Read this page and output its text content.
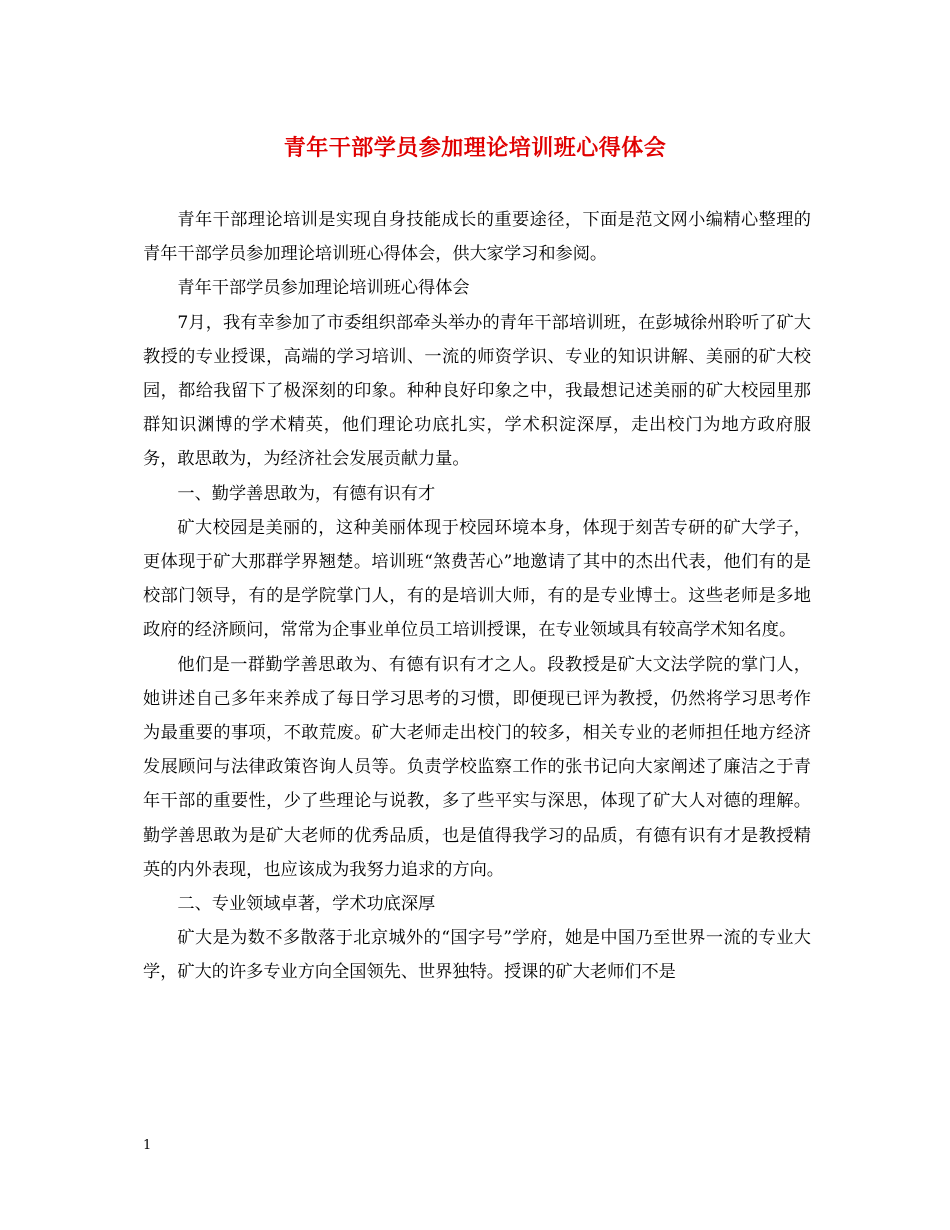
青年干部学员参加理论培训班心得体会

青年干部理论培训是实现自身技能成长的重要途径，下面是范文网小编精心整理的青年干部学员参加理论培训班心得体会，供大家学习和参阅。

青年干部学员参加理论培训班心得体会

7月，我有幸参加了市委组织部牵头举办的青年干部培训班，在彭城徐州聆听了矿大教授的专业授课，高端的学习培训、一流的师资学识、专业的知识讲解、美丽的矿大校园，都给我留下了极深刻的印象。种种良好印象之中，我最想记述美丽的矿大校园里那群知识渊博的学术精英，他们理论功底扎实，学术积淀深厚，走出校门为地方政府服务，敢思敢为，为经济社会发展贡献力量。

一、勤学善思敢为，有德有识有才

矿大校园是美丽的，这种美丽体现于校园环境本身，体现于刻苦专研的矿大学子，更体现于矿大那群学界翘楚。培训班“煞费苦心”地邀请了其中的杰出代表，他们有的是校部门领导，有的是学院掌门人，有的是培训大师，有的是专业博士。这些老师是多地政府的经济顾问，常常为企事业单位员工培训授课，在专业领域具有较高学术知名度。

他们是一群勤学善思敢为、有德有识有才之人。段教授是矿大文法学院的掌门人，她讲述自己多年来养成了每日学习思考的习惯，即便现已评为教授，仍然将学习思考作为最重要的事项，不敢荒废。矿大老师走出校门的较多，相关专业的老师担任地方经济发展顾问与法律政策咨询人员等。负责学校监察工作的张书记向大家阐述了廉洁之于青年干部的重要性，少了些理论与说教，多了些平实与深思，体现了矿大人对德的理解。勤学善思敢为是矿大老师的优秀品质，也是值得我学习的品质，有德有识有才是教授精英的内外表现，也应该成为我努力追求的方向。

二、专业领域卓著，学术功底深厚

矿大是为数不多散落于北京城外的“国字号”学府，她是中国乃至世界一流的专业大学，矿大的许多专业方向全国领先、世界独特。授课的矿大老师们不是

1
